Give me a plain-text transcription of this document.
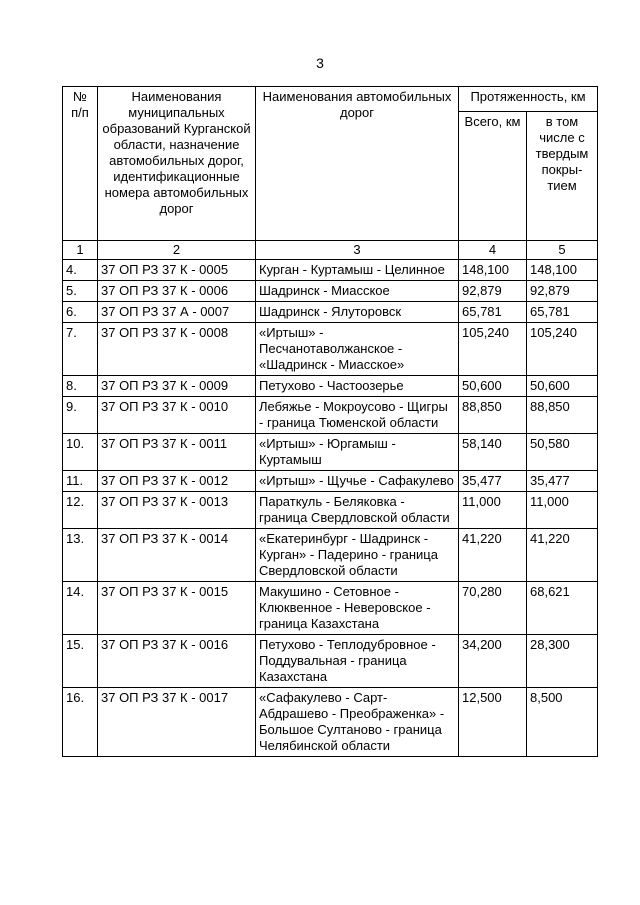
3
№ п/п	Наименования муниципальных образований Курганской области, назначение автомобильных дорог, идентификационные номера автомобильных дорог	Наименования автомобильных дорог	Протяженность, км	
			Всего, км	в том числе с твердым покры- тием
1	2	3	4	5
4.	37 ОП РЗ 37 К - 0005	Курган - Куртамыш - Целинное	148,100	148,100
5.	37 ОП РЗ 37 К - 0006	Шадринск - Миасское	92,879	92,879
6.	37 ОП РЗ 37 А - 0007	Шадринск - Ялуторовск	65,781	65,781
7.	37 ОП РЗ 37 К - 0008	«Иртыш» - Песчанотаволжанское - «Шадринск - Миасское»	105,240	105,240
8.	37 ОП РЗ 37 К - 0009	Петухово - Частоозерье	50,600	50,600
9.	37 ОП РЗ 37 К - 0010	Лебяжье - Мокроусово - Щигры - граница Тюменской области	88,850	88,850
10.	37 ОП РЗ 37 К - 0011	«Иртыш» - Юргамыш - Куртамыш	58,140	50,580
11.	37 ОП РЗ 37 К - 0012	«Иртыш» - Щучье - Сафакулево	35,477	35,477
12.	37 ОП РЗ 37 К - 0013	Параткуль - Беляковка - граница Свердловской области	11,000	11,000
13.	37 ОП РЗ 37 К - 0014	«Екатеринбург - Шадринск - Курган» - Падерино - граница Свердловской области	41,220	41,220
14.	37 ОП РЗ 37 К - 0015	Макушино - Сетовное - Клюквенное - Неверовское - граница Казахстана	70,280	68,621
15.	37 ОП РЗ 37 К - 0016	Петухово - Теплодубровное - Поддувальная - граница Казахстана	34,200	28,300
16.	37 ОП РЗ 37 К - 0017	«Сафакулево - Сарт-Абдрашево - Преображенка» - Большое Султаново - граница Челябинской области	12,500	8,500
